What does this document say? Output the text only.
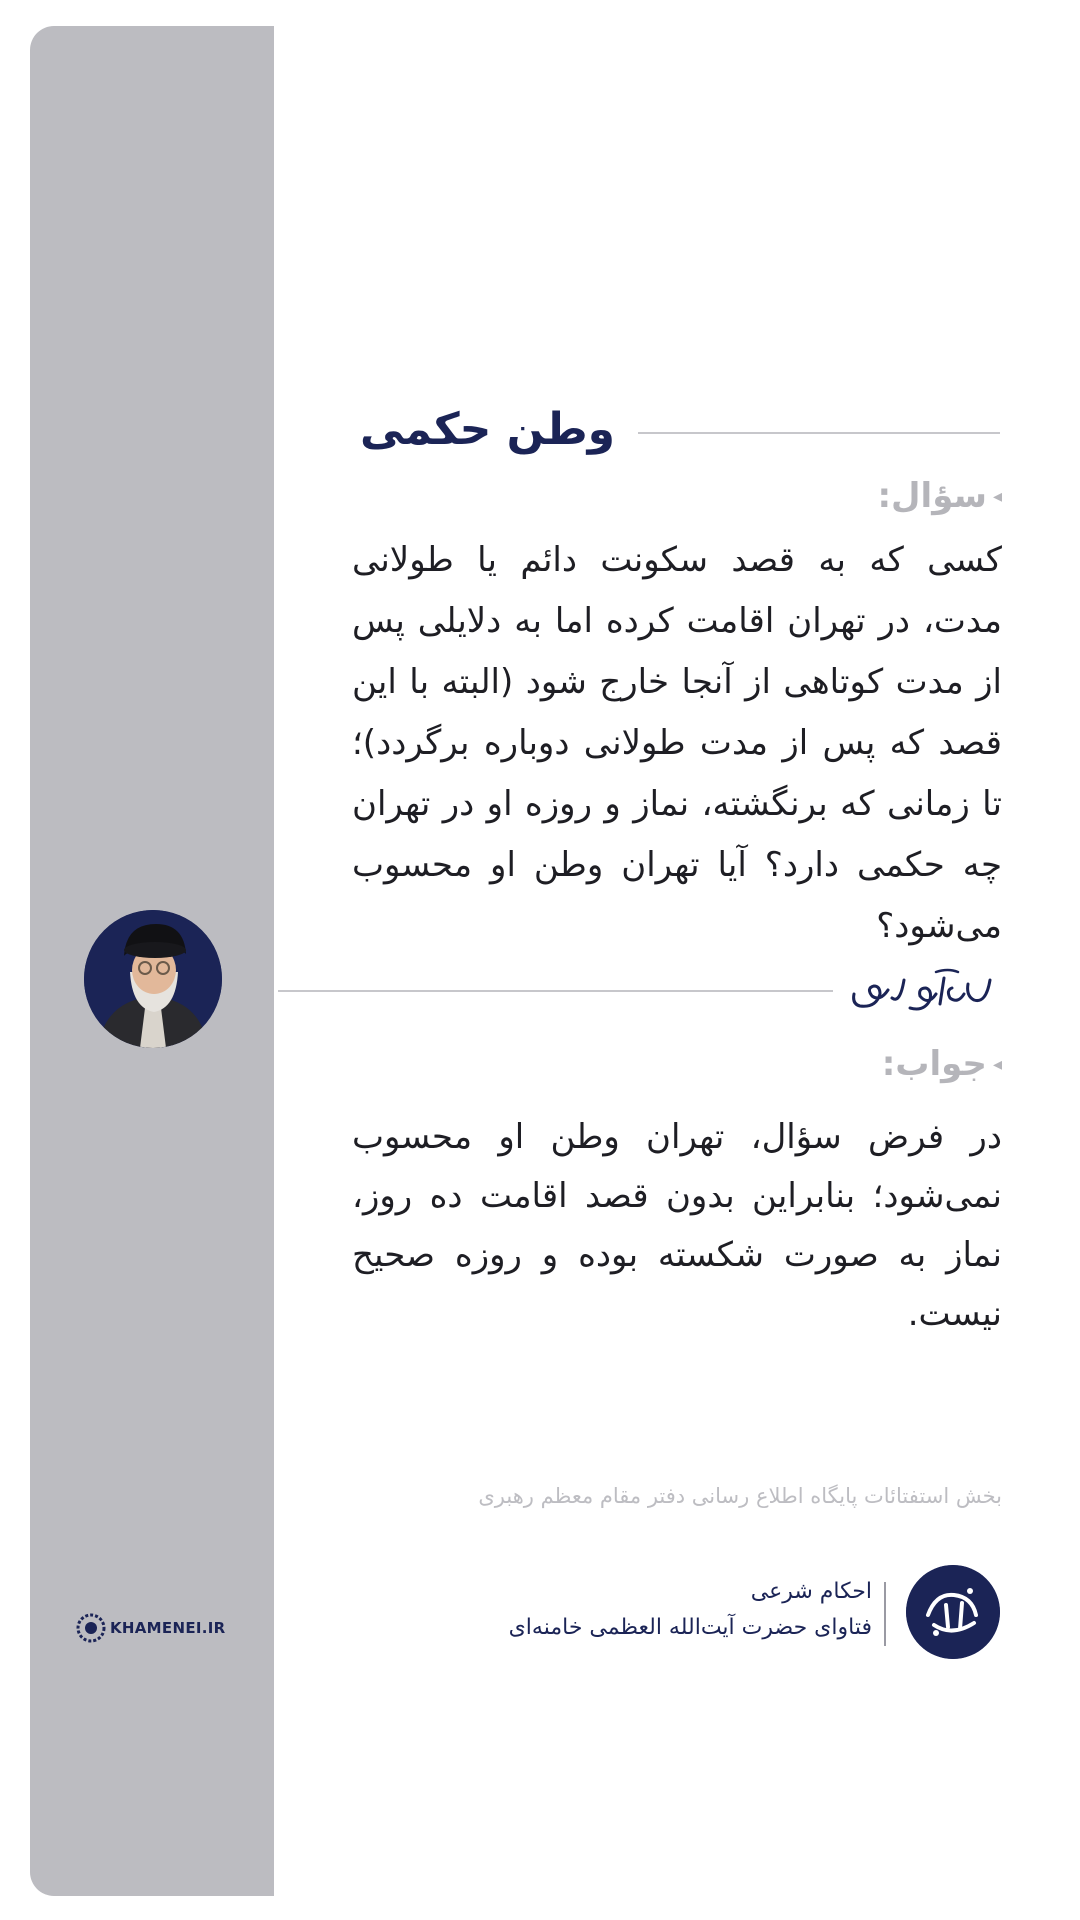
KHAMENEI.IR
وطن حکمی
◂
سؤال:
کسی که به قصد سکونت دائم یا طولانی مدت، در تهران اقامت کرده اما به دلایلی پس از مدت کوتاهی از آنجا خارج شود (البته با این قصد که پس از مدت طولانی دوباره برگردد)؛ تا زمانی که برنگشته، نماز و روزه او در تهران چه حکمی دارد؟ آیا تهران وطن او محسوب می‌شود؟
◂
جواب:
در فرض سؤال، تهران وطن او محسوب نمی‌شود؛ بنابراین بدون قصد اقامت ده روز، نماز به صورت شکسته بوده و روزه صحیح نیست.
بخش استفتائات پایگاه اطلاع رسانی دفتر مقام معظم رهبری
احکام شرعی
فتاوای حضرت آیت‌الله العظمی خامنه‌ای
